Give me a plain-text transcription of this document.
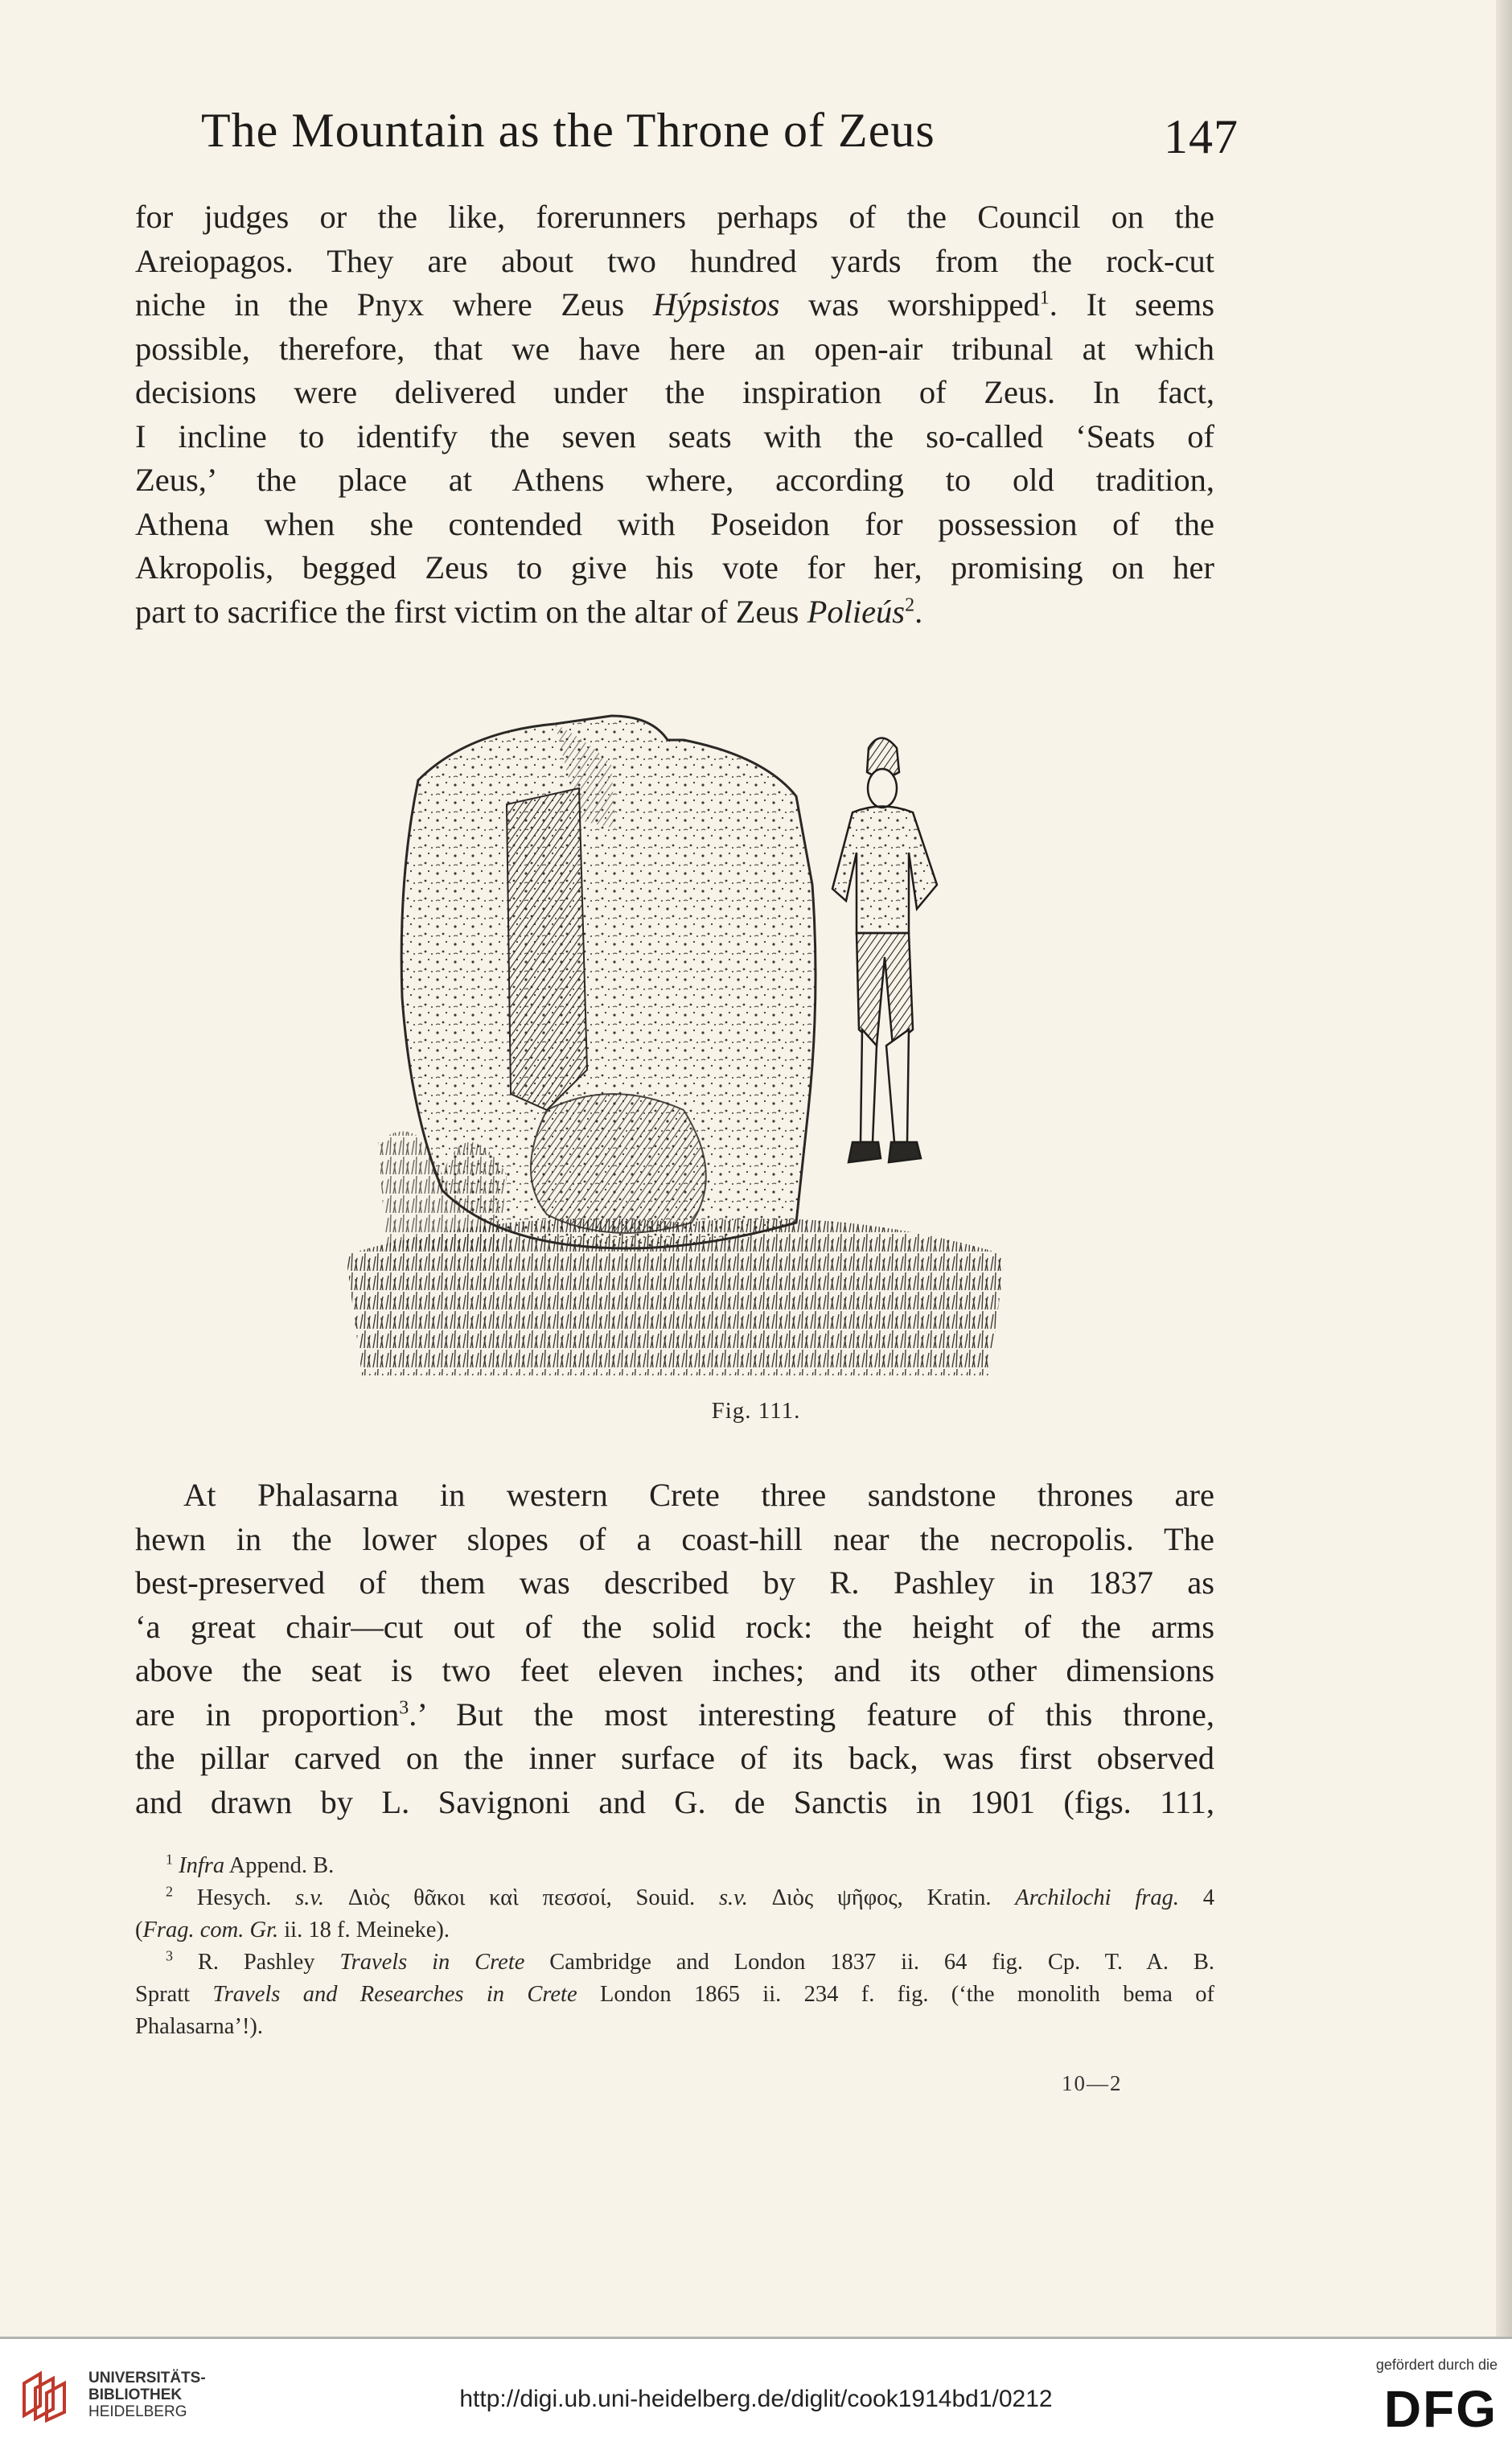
The Mountain as the Throne of Zeus	147
for judges or the like, forerunners perhaps of the Council on the
Areiopagos. They are about two hundred yards from the rock-cut
niche in the Pnyx where Zeus Hýpsistos was worshipped$^1$. It seems
possible, therefore, that we have here an open-air tribunal at which
decisions were delivered under the inspiration of Zeus. In fact,
I incline to identify the seven seats with the so-called ‘Seats of
Zeus,’ the place at Athens where, according to old tradition,
Athena when she contended with Poseidon for possession of the
Akropolis, begged Zeus to give his vote for her, promising on her
part to sacrifice the first victim on the altar of Zeus Polieús$^2$.
Fig. 111.
At Phalasarna in western Crete three sandstone thrones are
hewn in the lower slopes of a coast-hill near the necropolis. The
best-preserved of them was described by R. Pashley in 1837 as
‘a great chair—cut out of the solid rock: the height of the arms
above the seat is two feet eleven inches; and its other dimensions
are in proportion$^3$.’ But the most interesting feature of this throne,
the pillar carved on the inner surface of its back, was first observed
and drawn by L. Savignoni and G. de Sanctis in 1901 (figs. 111,
$^1$ Infra Append. B.
$^2$ Hesych. s.v. Διὸς θᾶκοι καὶ πεσσοί, Souid. s.v. Διὸς ψῆφος, Kratin. Archilochi frag. 4
(Frag. com. Gr. ii. 18 f. Meineke).
$^3$ R. Pashley Travels in Crete Cambridge and London 1837 ii. 64 fig. Cp. T. A. B.
Spratt Travels and Researches in Crete London 1865 ii. 234 f. fig. (‘the monolith bema of
Phalasarna’!).
10—2
UNIVERSITÄTS-
BIBLIOTHEK
HEIDELBERG	http://digi.ub.uni-heidelberg.de/diglit/cook1914bd1/0212
gefördert durch die
DFG
